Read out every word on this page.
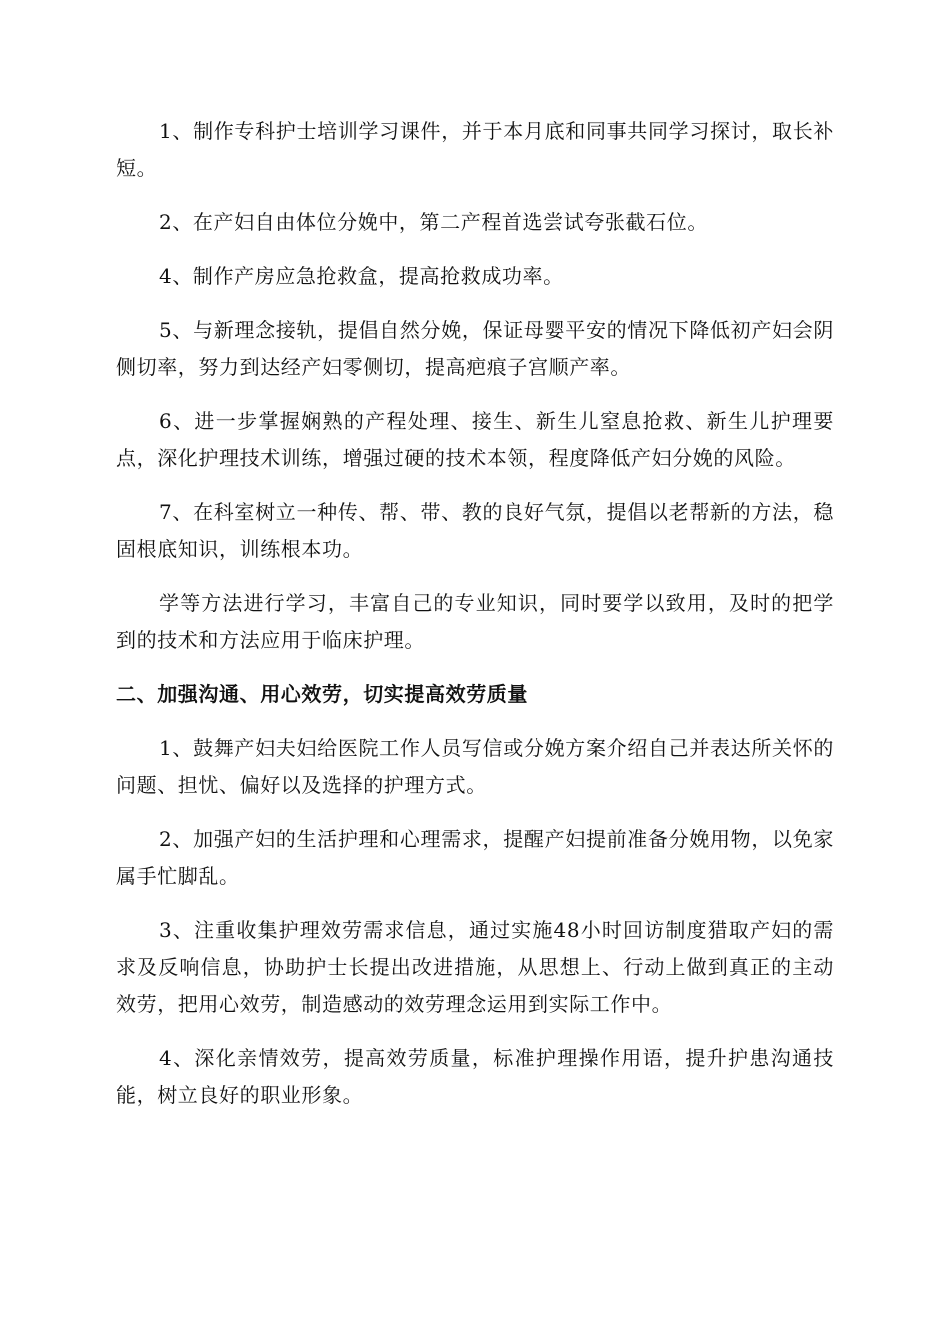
1、制作专科护士培训学习课件，并于本月底和同事共同学习探讨，取长补短。

2、在产妇自由体位分娩中，第二产程首选尝试夸张截石位。

4、制作产房应急抢救盒，提高抢救成功率。

5、与新理念接轨，提倡自然分娩，保证母婴平安的情况下降低初产妇会阴侧切率，努力到达经产妇零侧切，提高疤痕子宫顺产率。

6、进一步掌握娴熟的产程处理、接生、新生儿窒息抢救、新生儿护理要点，深化护理技术训练，增强过硬的技术本领，程度降低产妇分娩的风险。

7、在科室树立一种传、帮、带、教的良好气氛，提倡以老帮新的方法，稳固根底知识，训练根本功。

学等方法进行学习，丰富自己的专业知识，同时要学以致用，及时的把学到的技术和方法应用于临床护理。

二、加强沟通、用心效劳，切实提高效劳质量

1、鼓舞产妇夫妇给医院工作人员写信或分娩方案介绍自己并表达所关怀的问题、担忧、偏好以及选择的护理方式。

2、加强产妇的生活护理和心理需求，提醒产妇提前准备分娩用物，以免家属手忙脚乱。

3、注重收集护理效劳需求信息，通过实施48小时回访制度猎取产妇的需求及反响信息，协助护士长提出改进措施，从思想上、行动上做到真正的主动效劳，把用心效劳，制造感动的效劳理念运用到实际工作中。

4、深化亲情效劳，提高效劳质量，标准护理操作用语，提升护患沟通技能，树立良好的职业形象。
